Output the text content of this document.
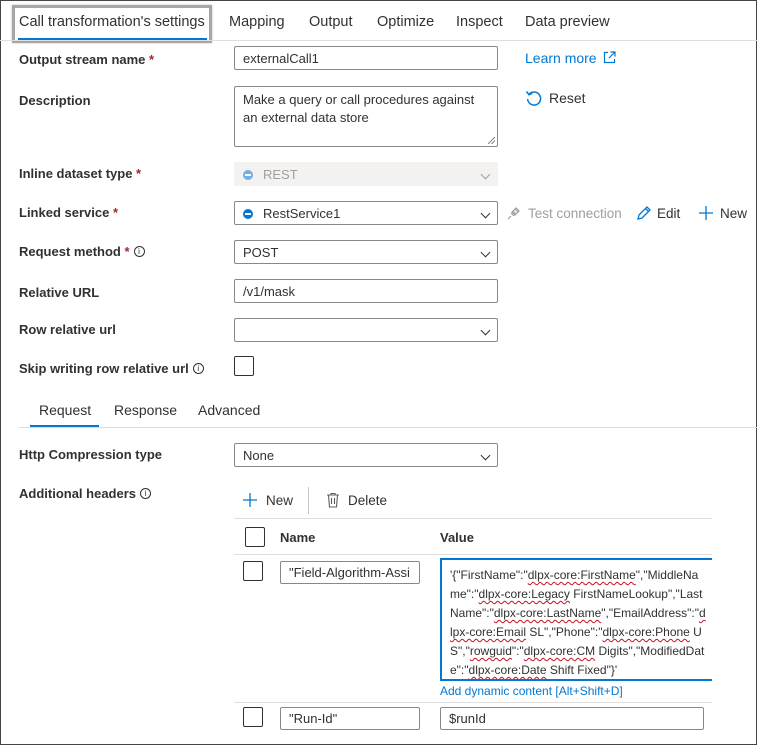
Call transformation's settings Mapping Output Optimize Inspect Data preview
Output stream name *	externalCall1	Learn more
Description	Make a query or call procedures against an external data store
Reset
Inline dataset type *	REST
Linked service *	RestService1	Test connection	Edit	New
Request method * i	POST
Relative URL	/v1/mask
Row relative url
Skip writing row relative url i
Request Response Advanced
Http Compression type	None
Additional headers i	New	Delete
Name	Value
"Field-Algorithm-Assi	'{"FirstName":"dlpx-core:FirstName","MiddleName":"dlpx-core:Legacy FirstNameLookup","LastName":"dlpx-core:LastName","EmailAddress":"dlpx-core:Email SL","Phone":"dlpx-core:Phone US","rowguid":"dlpx-core:CM Digits","ModifiedDate":"dlpx-core:Date Shift Fixed"}'
Add dynamic content [Alt+Shift+D]
"Run-Id"	$runId
